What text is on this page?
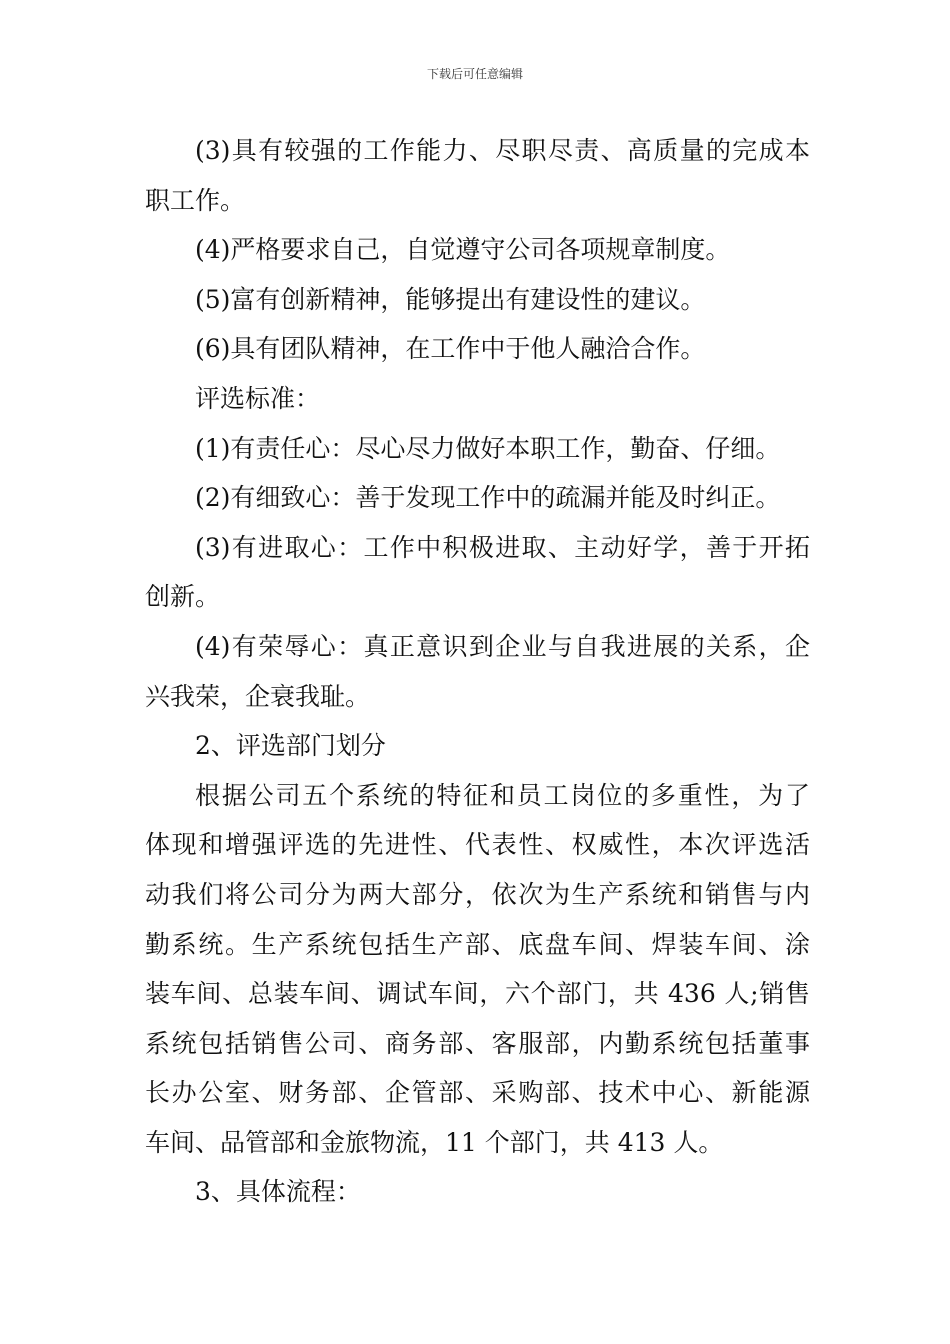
下载后可任意编辑
(3)具有较强的工作能力、尽职尽责、高质量的完成本
职工作。
(4)严格要求自己，自觉遵守公司各项规章制度。
(5)富有创新精神，能够提出有建设性的建议。
(6)具有团队精神，在工作中于他人融洽合作。
评选标准：
(1)有责任心：尽心尽力做好本职工作，勤奋、仔细。
(2)有细致心：善于发现工作中的疏漏并能及时纠正。
(3)有进取心：工作中积极进取、主动好学，善于开拓
创新。
(4)有荣辱心：真正意识到企业与自我进展的关系，企
兴我荣，企衰我耻。
2、评选部门划分
根据公司五个系统的特征和员工岗位的多重性，为了
体现和增强评选的先进性、代表性、权威性，本次评选活
动我们将公司分为两大部分，依次为生产系统和销售与内
勤系统。生产系统包括生产部、底盘车间、焊装车间、涂
装车间、总装车间、调试车间，六个部门，共 436 人;销售
系统包括销售公司、商务部、客服部，内勤系统包括董事
长办公室、财务部、企管部、采购部、技术中心、新能源
车间、品管部和金旅物流，11 个部门，共 413 人。
3、具体流程：
